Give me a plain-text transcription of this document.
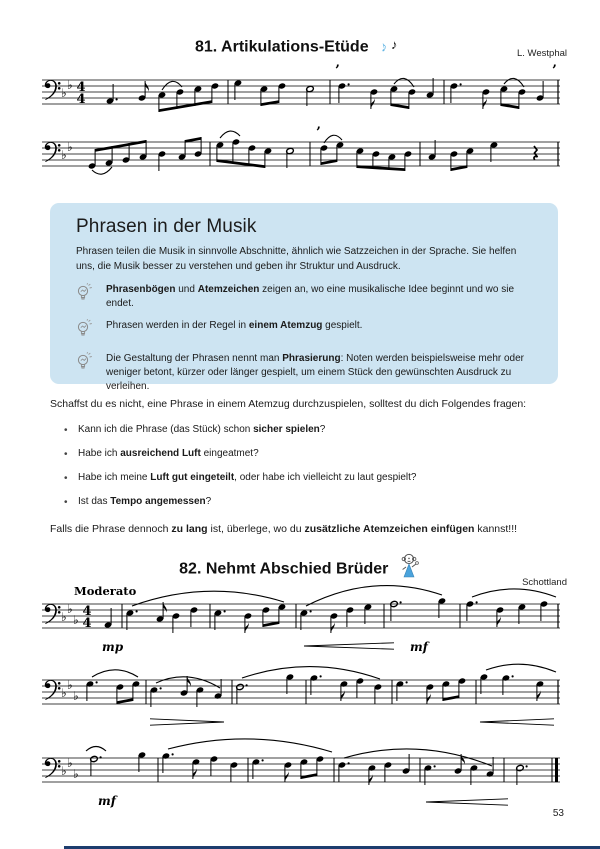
81. Artikulations-Etüde ♪ ♪
L. Westphal
♭
♭ 4
4
’	’
♭
♭
’
Phrasen in der Musik

Phrasen teilen die Musik in sinnvolle Abschnitte, ähnlich wie Satzzeichen in der Sprache. Sie helfen uns, die Musik besser zu verstehen und geben ihr Struktur und Ausdruck.

Phrasenbögen und Atemzeichen zeigen an, wo eine musikalische Idee beginnt und wo sie endet.
Phrasen werden in der Regel in einem Atemzug gespielt.
Die Gestaltung der Phrasen nennt man Phrasierung: Noten werden beispielsweise mehr oder weniger betont, kürzer oder länger gespielt, um einem Stück den gewünschten Ausdruck zu verleihen.

Schaffst du es nicht, eine Phrase in einem Atemzug durchzuspielen, solltest du dich Folgendes fragen:

•	Kann ich die Phrase (das Stück) schon sicher spielen?
•	Habe ich ausreichend Luft eingeatmet?
•	Habe ich meine Luft gut eingeteilt, oder habe ich vielleicht zu laut gespielt?
•	Ist das Tempo angemessen?

Falls die Phrase dennoch zu lang ist, überlege, wo du zusätzliche Atemzeichen einfügen kannst!!!

82. Nehmt Abschied Brüder
Schottland
♭
♭
♭
4
4
Moderato
mp	mf
♭
♭
♭
♭
♭
♭
mf
53
